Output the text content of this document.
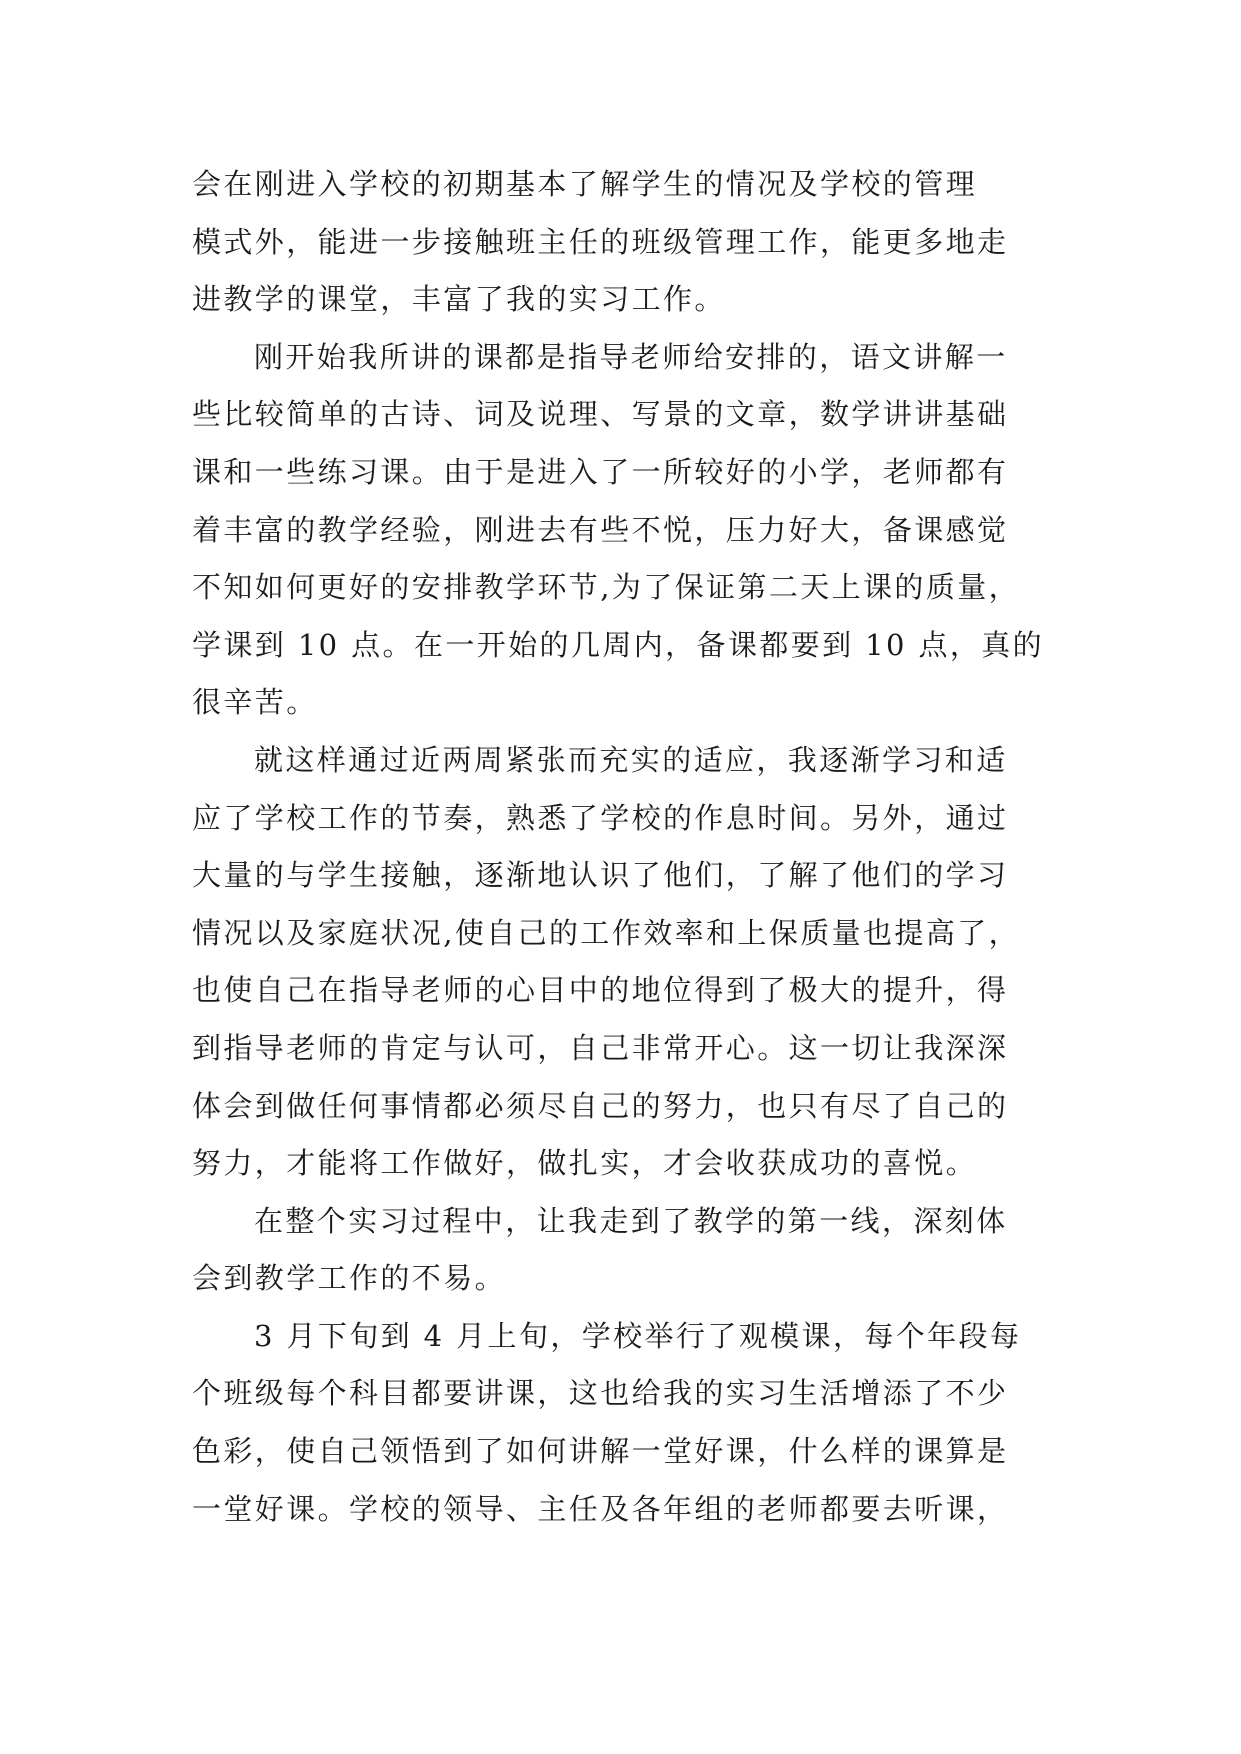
会在刚进入学校的初期基本了解学生的情况及学校的管理
模式外，能进一步接触班主任的班级管理工作，能更多地走
进教学的课堂，丰富了我的实习工作。

刚开始我所讲的课都是指导老师给安排的，语文讲解一
些比较简单的古诗、词及说理、写景的文章，数学讲讲基础
课和一些练习课。由于是进入了一所较好的小学，老师都有
着丰富的教学经验，刚进去有些不悦，压力好大，备课感觉
不知如何更好的安排教学环节,为了保证第二天上课的质量，
学课到 10 点。在一开始的几周内，备课都要到 10 点，真的
很辛苦。

就这样通过近两周紧张而充实的适应，我逐渐学习和适
应了学校工作的节奏，熟悉了学校的作息时间。另外，通过
大量的与学生接触，逐渐地认识了他们，了解了他们的学习
情况以及家庭状况,使自己的工作效率和上保质量也提高了，
也使自己在指导老师的心目中的地位得到了极大的提升，得
到指导老师的肯定与认可，自己非常开心。这一切让我深深
体会到做任何事情都必须尽自己的努力，也只有尽了自己的
努力，才能将工作做好，做扎实，才会收获成功的喜悦。

在整个实习过程中，让我走到了教学的第一线，深刻体
会到教学工作的不易。

3 月下旬到 4 月上旬，学校举行了观模课，每个年段每
个班级每个科目都要讲课，这也给我的实习生活增添了不少
色彩，使自己领悟到了如何讲解一堂好课，什么样的课算是
一堂好课。学校的领导、主任及各年组的老师都要去听课，
